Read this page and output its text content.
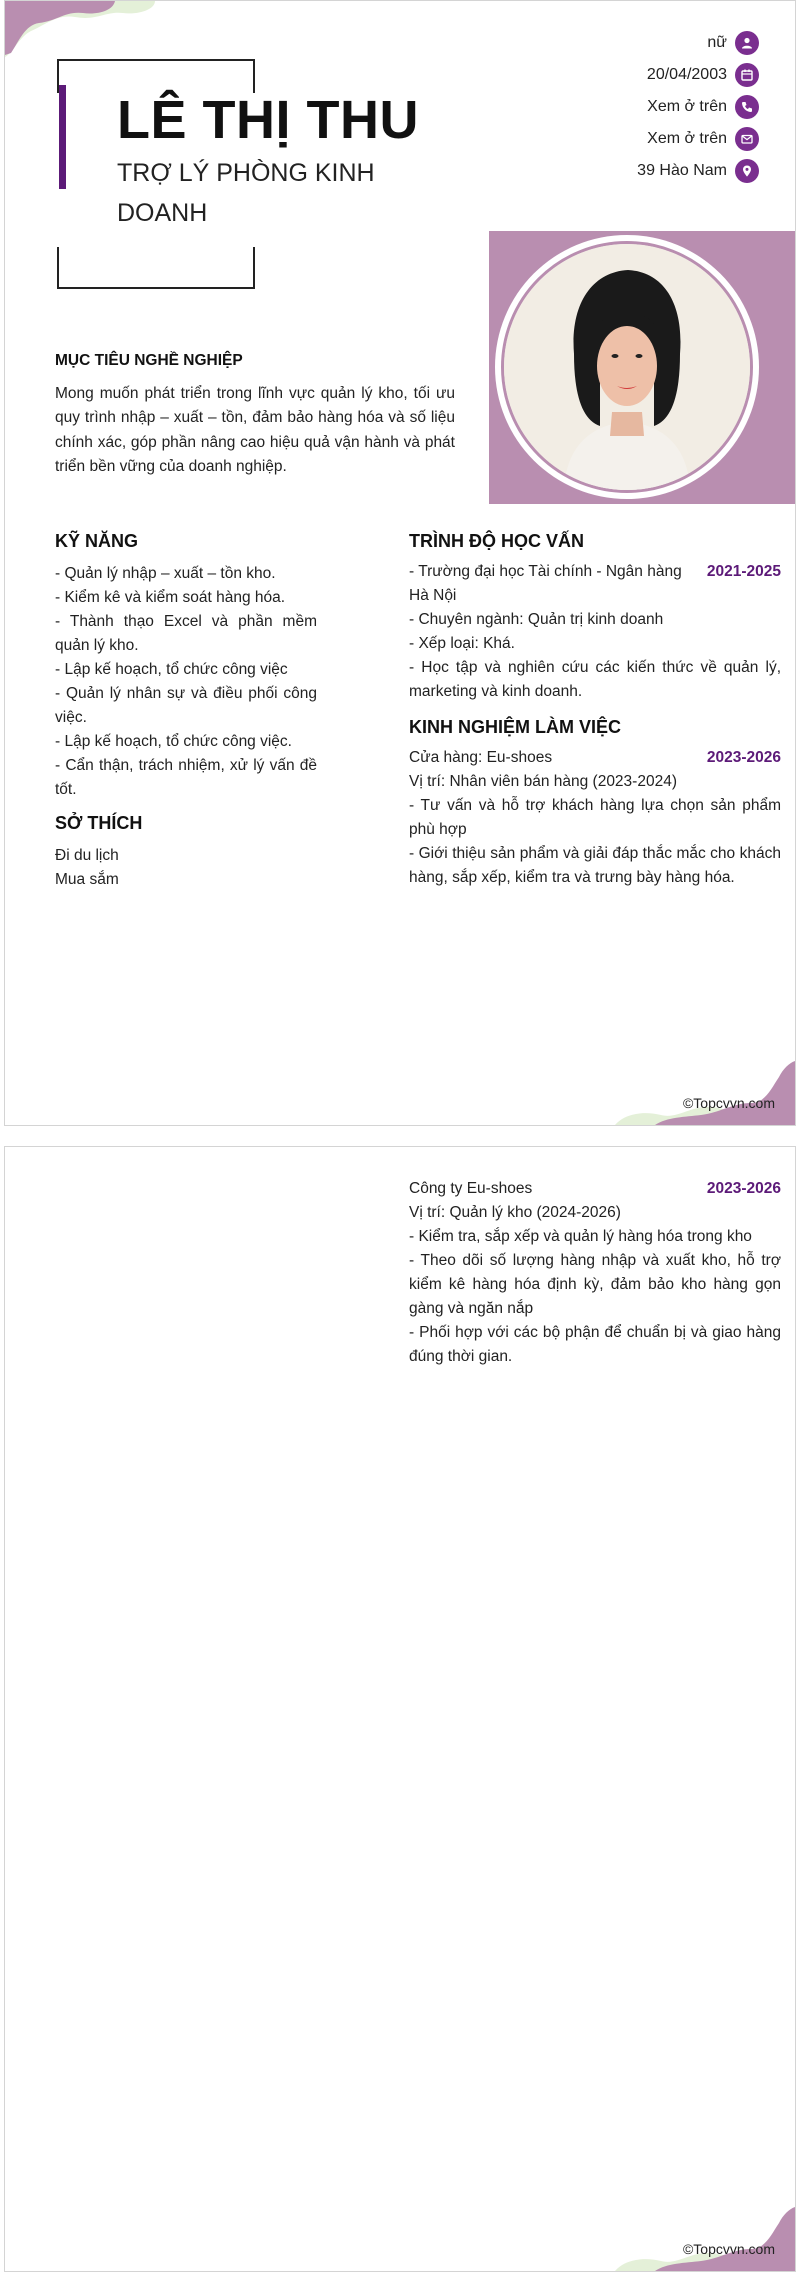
LÊ THỊ THU
TRỢ LÝ PHÒNG KINH DOANH
nữ
20/04/2003
Xem ở trên
Xem ở trên
39 Hào Nam

MỤC TIÊU NGHỀ NGHIỆP

Mong muốn phát triển trong lĩnh vực quản lý kho, tối ưu quy trình nhập – xuất – tồn, đảm bảo hàng hóa và số liệu chính xác, góp phần nâng cao hiệu quả vận hành và phát triển bền vững của doanh nghiệp.

KỸ NĂNG

- Quản lý nhập – xuất – tồn kho.
- Kiểm kê và kiểm soát hàng hóa.
- Thành thạo Excel và phần mềm quản lý kho.
- Lập kế hoạch, tổ chức công việc
- Quản lý nhân sự và điều phối công việc.
- Lập kế hoạch, tổ chức công việc.
- Cẩn thận, trách nhiệm, xử lý vấn đề tốt.

SỞ THÍCH

Đi du lịch
Mua sắm

TRÌNH ĐỘ HỌC VẤN

- Trường đại học Tài chính - Ngân hàng Hà Nội
2021-2025

- Chuyên ngành: Quản trị kinh doanh

- Xếp loại: Khá.

- Học tập và nghiên cứu các kiến thức về quản lý, marketing và kinh doanh.

KINH NGHIỆM LÀM VIỆC

Cửa hàng: Eu-shoes	2023-2026

Vị trí: Nhân viên bán hàng (2023-2024)

- Tư vấn và hỗ trợ khách hàng lựa chọn sản phẩm phù hợp

- Giới thiệu sản phẩm và giải đáp thắc mắc cho khách hàng, sắp xếp, kiểm tra và trưng bày hàng hóa.

©Topcvvn.com
Công ty Eu-shoes	2023-2026

Vị trí: Quản lý kho (2024-2026)

- Kiểm tra, sắp xếp và quản lý hàng hóa trong kho

- Theo dõi số lượng hàng nhập và xuất kho, hỗ trợ kiểm kê hàng hóa định kỳ, đảm bảo kho hàng gọn gàng và ngăn nắp

- Phối hợp với các bộ phận để chuẩn bị và giao hàng đúng thời gian.

©Topcvvn.com
